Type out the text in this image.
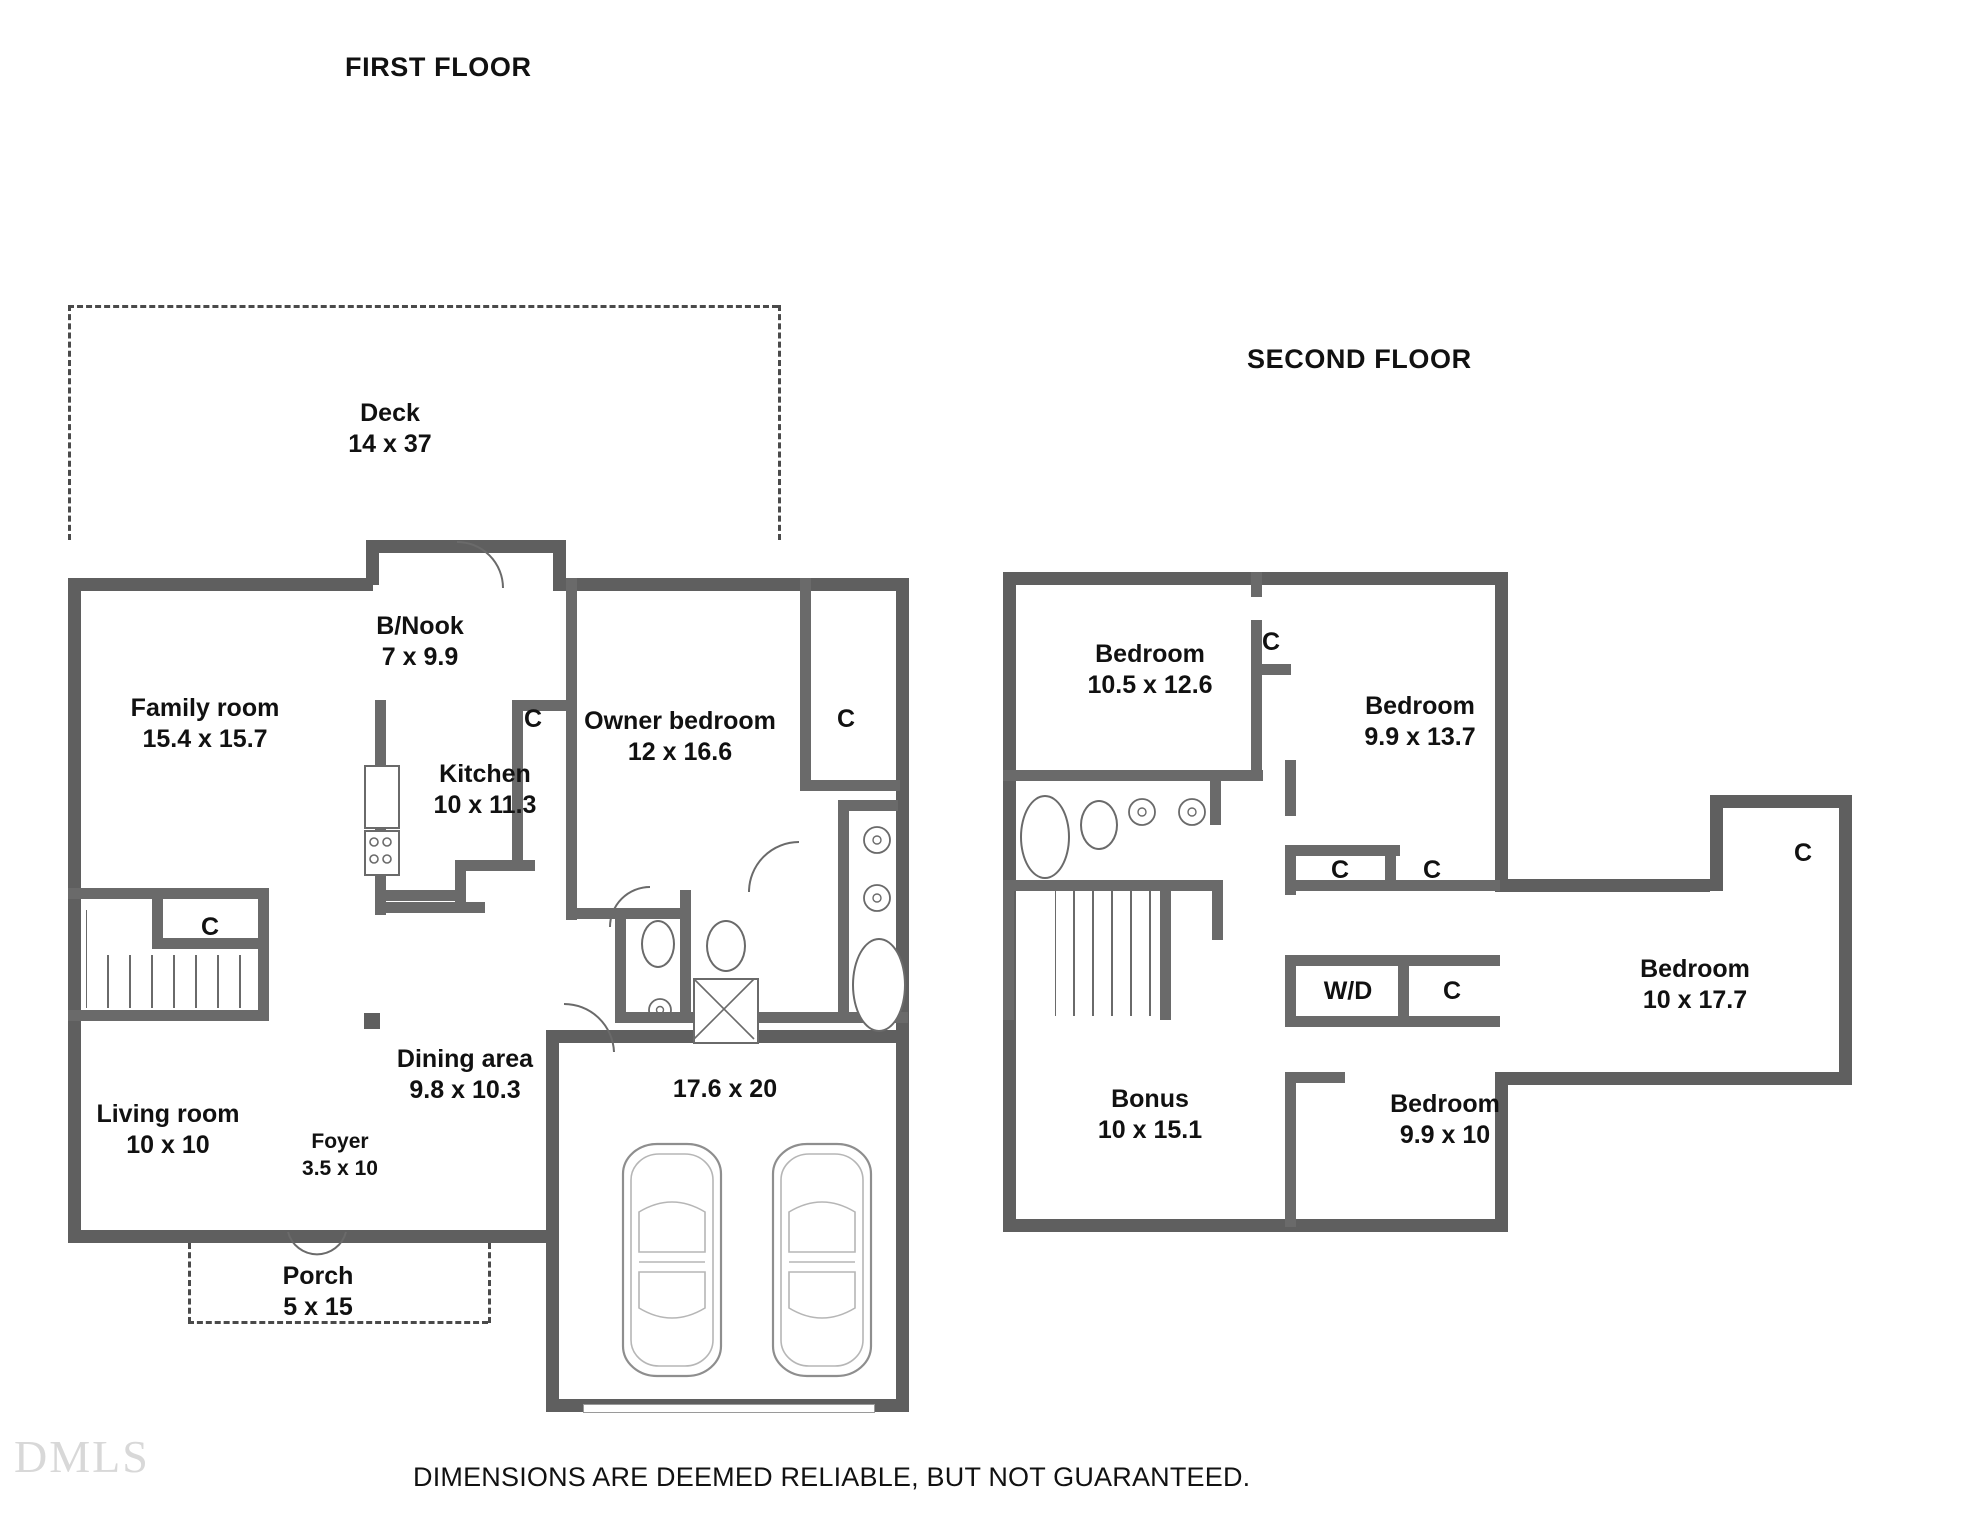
FIRST FLOOR
SECOND FLOOR
Deck
14 x 37
B/Nook
7 x 9.9
Family room
15.4 x 15.7
Kitchen
10 x 11.3
Owner bedroom
12 x 16.6
Dining area
9.8 x 10.3
Living room
10 x 10	Foyer
3.5 x 10
Porch
5 x 15
17.6 x 20
C	C
C
Bedroom
10.5 x 12.6
Bedroom
9.9 x 13.7
Bedroom
10 x 17.7
Bedroom
9.9 x 10
Bonus
10 x 15.1
C
C	C
C
C
W/D
DMLS	DIMENSIONS ARE DEEMED RELIABLE, BUT NOT GUARANTEED.
